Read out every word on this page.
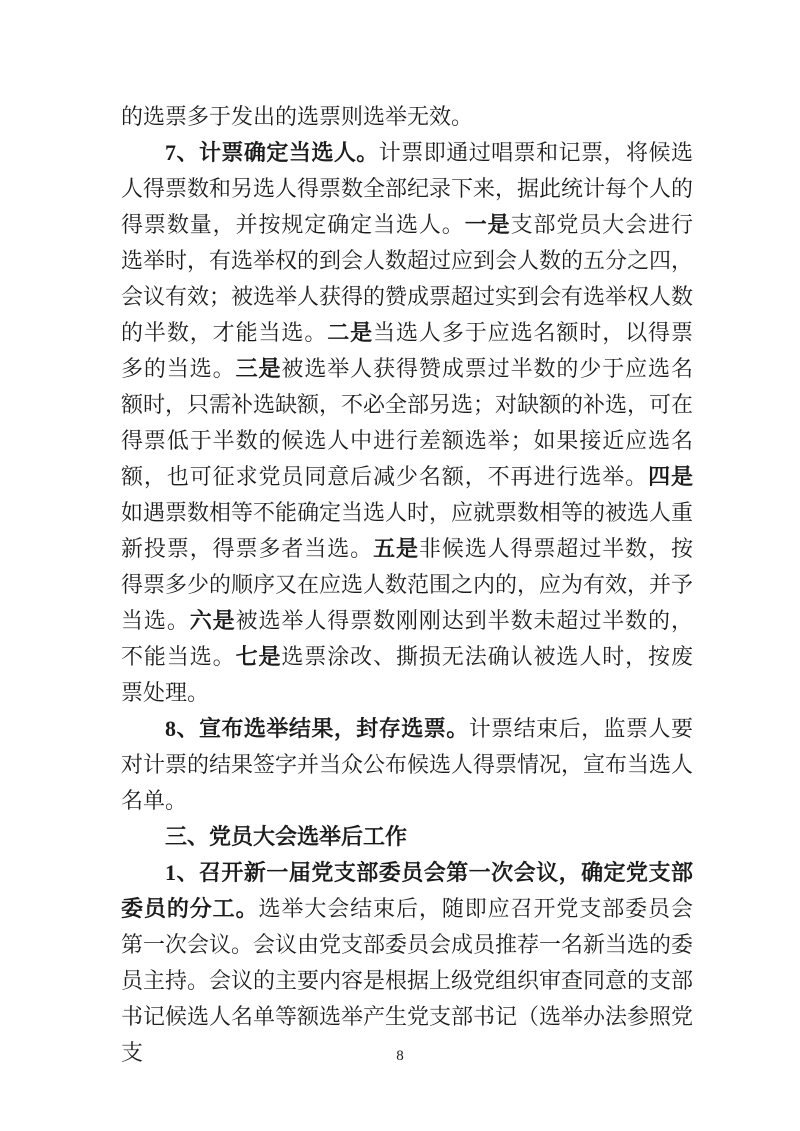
的选票多于发出的选票则选举无效。

7、计票确定当选人。计票即通过唱票和记票，将候选人得票数和另选人得票数全部纪录下来，据此统计每个人的得票数量，并按规定确定当选人。一是支部党员大会进行选举时，有选举权的到会人数超过应到会人数的五分之四，会议有效；被选举人获得的赞成票超过实到会有选举权人数的半数，才能当选。二是当选人多于应选名额时，以得票多的当选。三是被选举人获得赞成票过半数的少于应选名额时，只需补选缺额，不必全部另选；对缺额的补选，可在得票低于半数的候选人中进行差额选举；如果接近应选名额，也可征求党员同意后减少名额，不再进行选举。四是如遇票数相等不能确定当选人时，应就票数相等的被选人重新投票，得票多者当选。五是非候选人得票超过半数，按得票多少的顺序又在应选人数范围之内的，应为有效，并予当选。六是被选举人得票数刚刚达到半数未超过半数的，不能当选。七是选票涂改、撕损无法确认被选人时，按废票处理。

8、宣布选举结果，封存选票。计票结束后，监票人要对计票的结果签字并当众公布候选人得票情况，宣布当选人名单。

三、党员大会选举后工作

1、召开新一届党支部委员会第一次会议，确定党支部委员的分工。选举大会结束后，随即应召开党支部委员会第一次会议。会议由党支部委员会成员推荐一名新当选的委员主持。会议的主要内容是根据上级党组织审查同意的支部书记候选人名单等额选举产生党支部书记（选举办法参照党支	8
